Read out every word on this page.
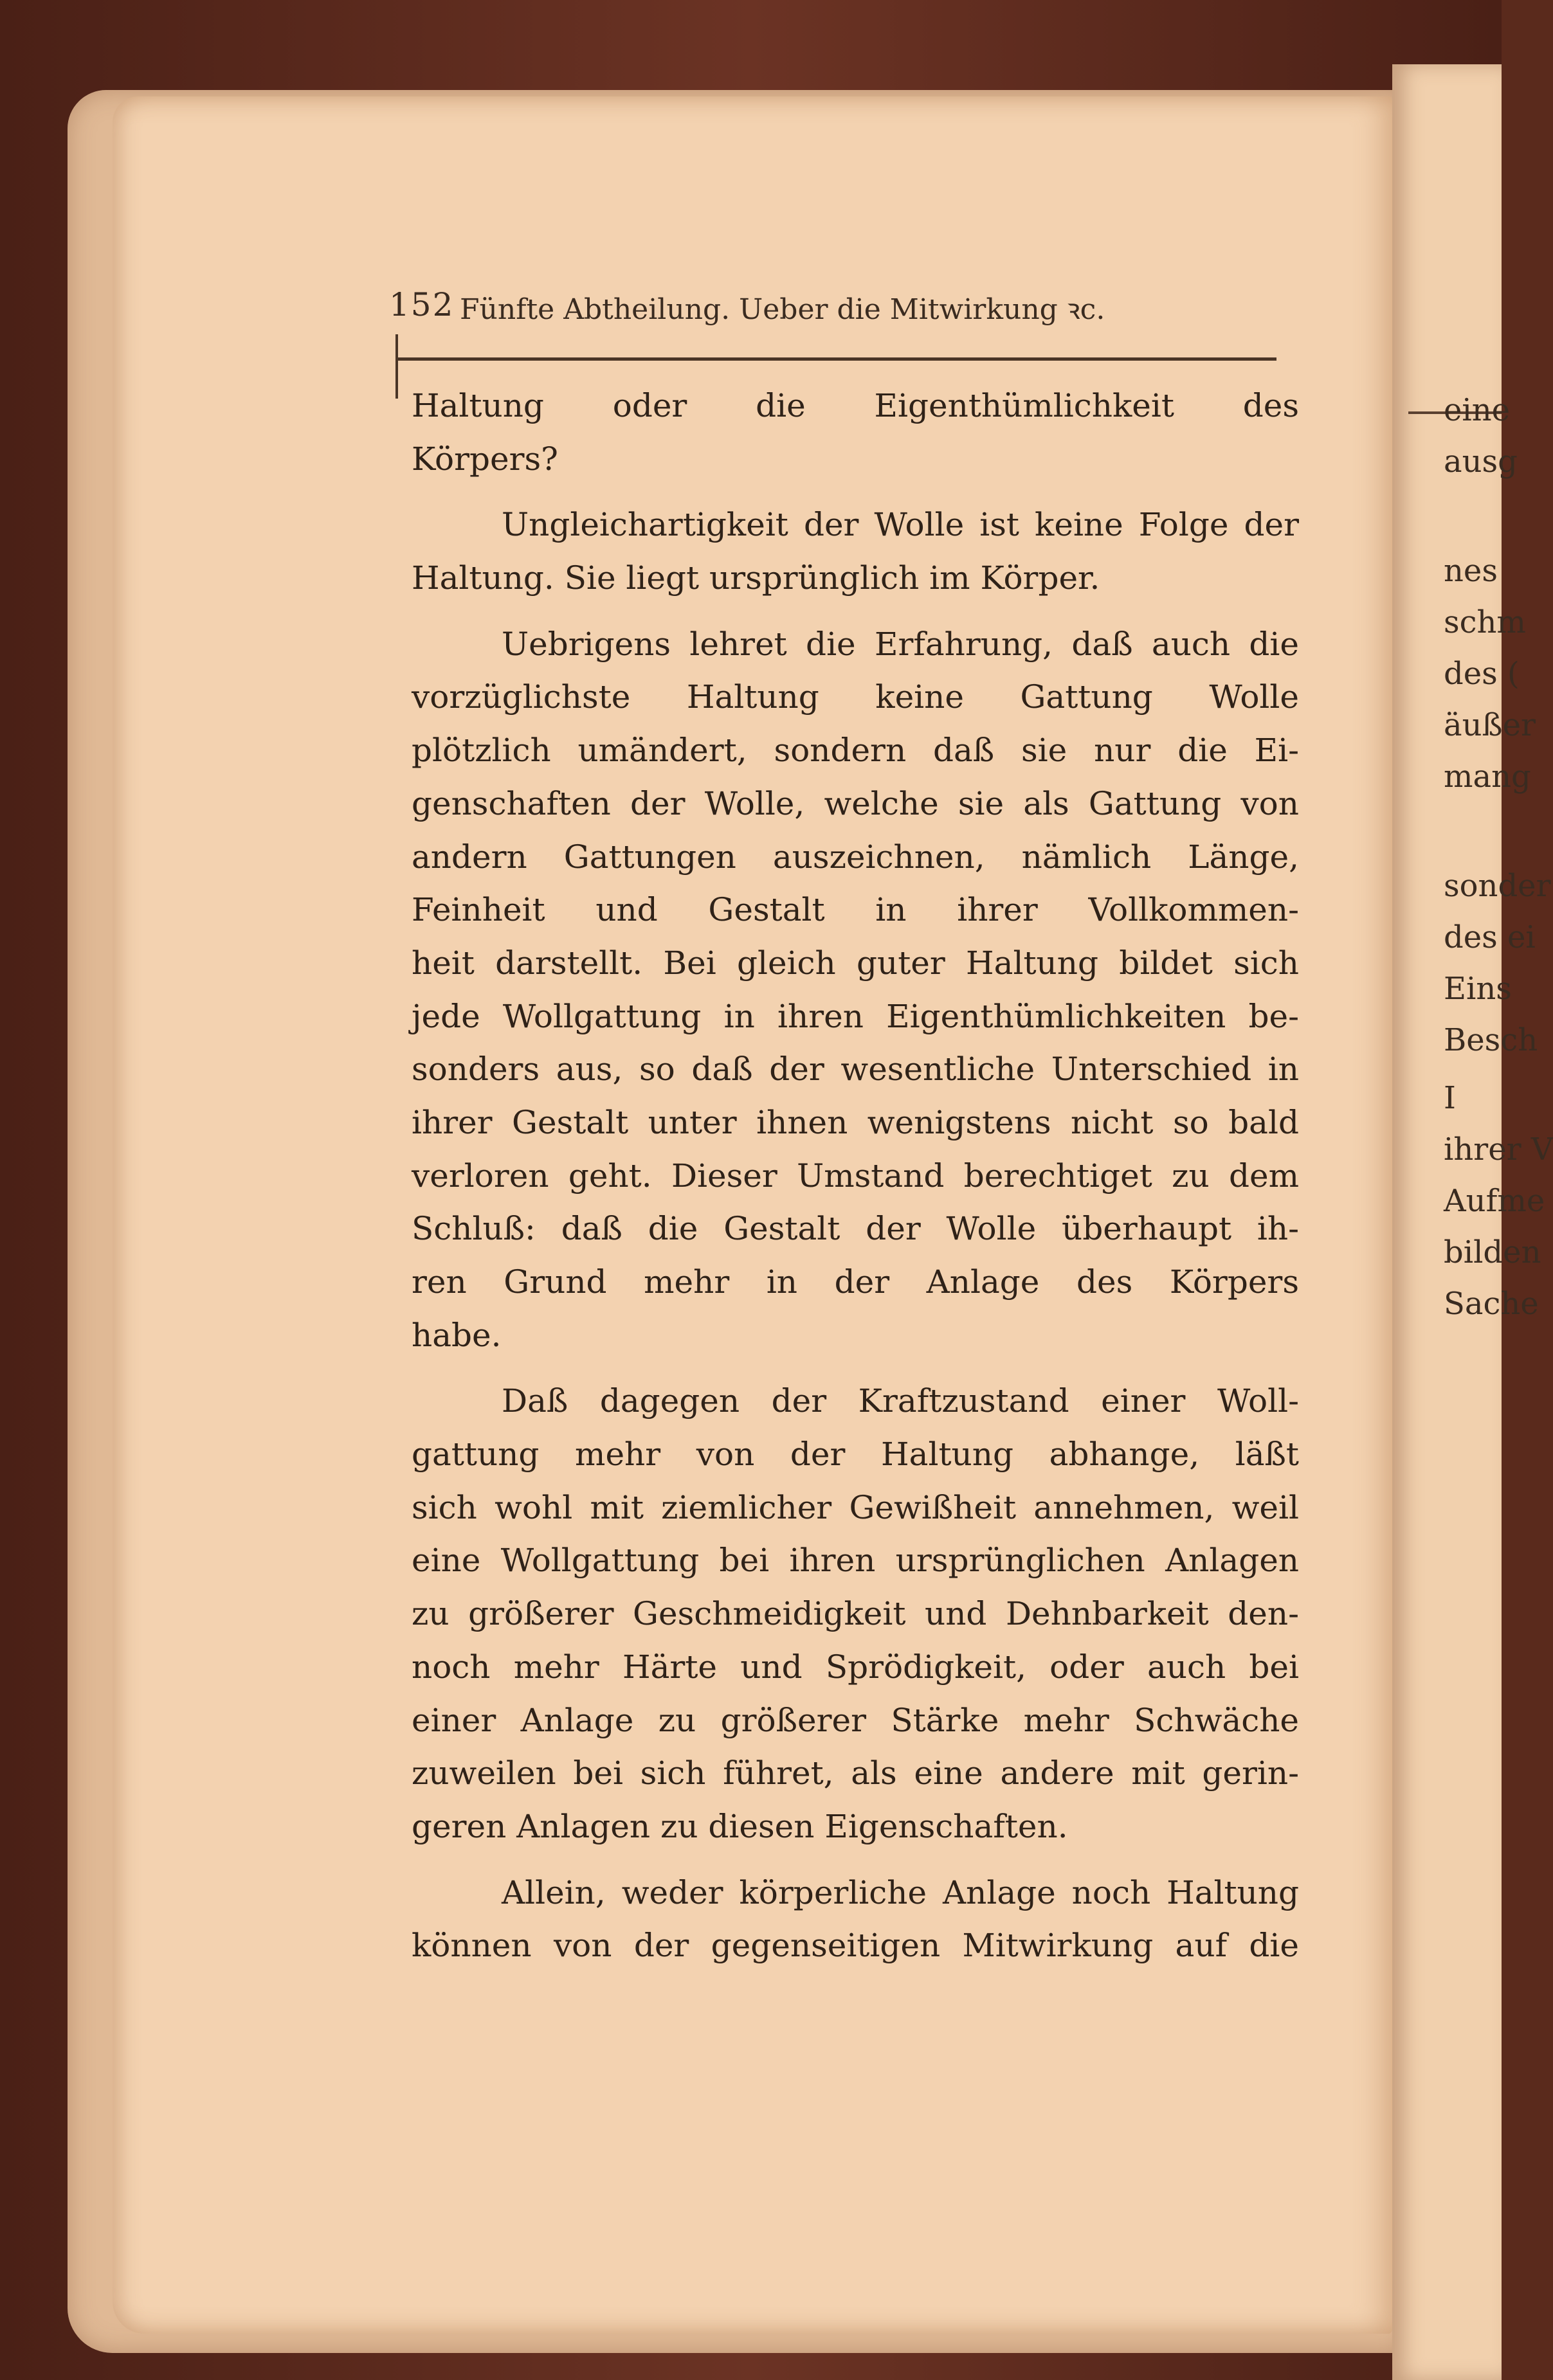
eine
ausg
nes
schm
des (
äußer
mang
sonder
des ei
Eins
Besch
I
ihrer V
Aufme
bilden
Sache
152 Fünfte Abtheilung. Ueber die Mitwirkung ꝛc.
Haltung oder die Eigenthümlichkeit des
Körpers?
Ungleichartigkeit der Wolle ist keine Folge der
Haltung. Sie liegt ursprünglich im Körper.
Uebrigens lehret die Erfahrung, daß auch die
vorzüglichste Haltung keine Gattung Wolle
plötzlich umändert, sondern daß sie nur die Ei-
genschaften der Wolle, welche sie als Gattung von
andern Gattungen auszeichnen, nämlich Länge,
Feinheit und Gestalt in ihrer Vollkommen-
heit darstellt. Bei gleich guter Haltung bildet sich
jede Wollgattung in ihren Eigenthümlichkeiten be-
sonders aus, so daß der wesentliche Unterschied in
ihrer Gestalt unter ihnen wenigstens nicht so bald
verloren geht. Dieser Umstand berechtiget zu dem
Schluß: daß die Gestalt der Wolle überhaupt ih-
ren Grund mehr in der Anlage des Körpers
habe.
Daß dagegen der Kraftzustand einer Woll-
gattung mehr von der Haltung abhange, läßt
sich wohl mit ziemlicher Gewißheit annehmen, weil
eine Wollgattung bei ihren ursprünglichen Anlagen
zu größerer Geschmeidigkeit und Dehnbarkeit den-
noch mehr Härte und Sprödigkeit, oder auch bei
einer Anlage zu größerer Stärke mehr Schwäche
zuweilen bei sich führet, als eine andere mit gerin-
geren Anlagen zu diesen Eigenschaften.
Allein, weder körperliche Anlage noch Haltung
können von der gegenseitigen Mitwirkung auf die
